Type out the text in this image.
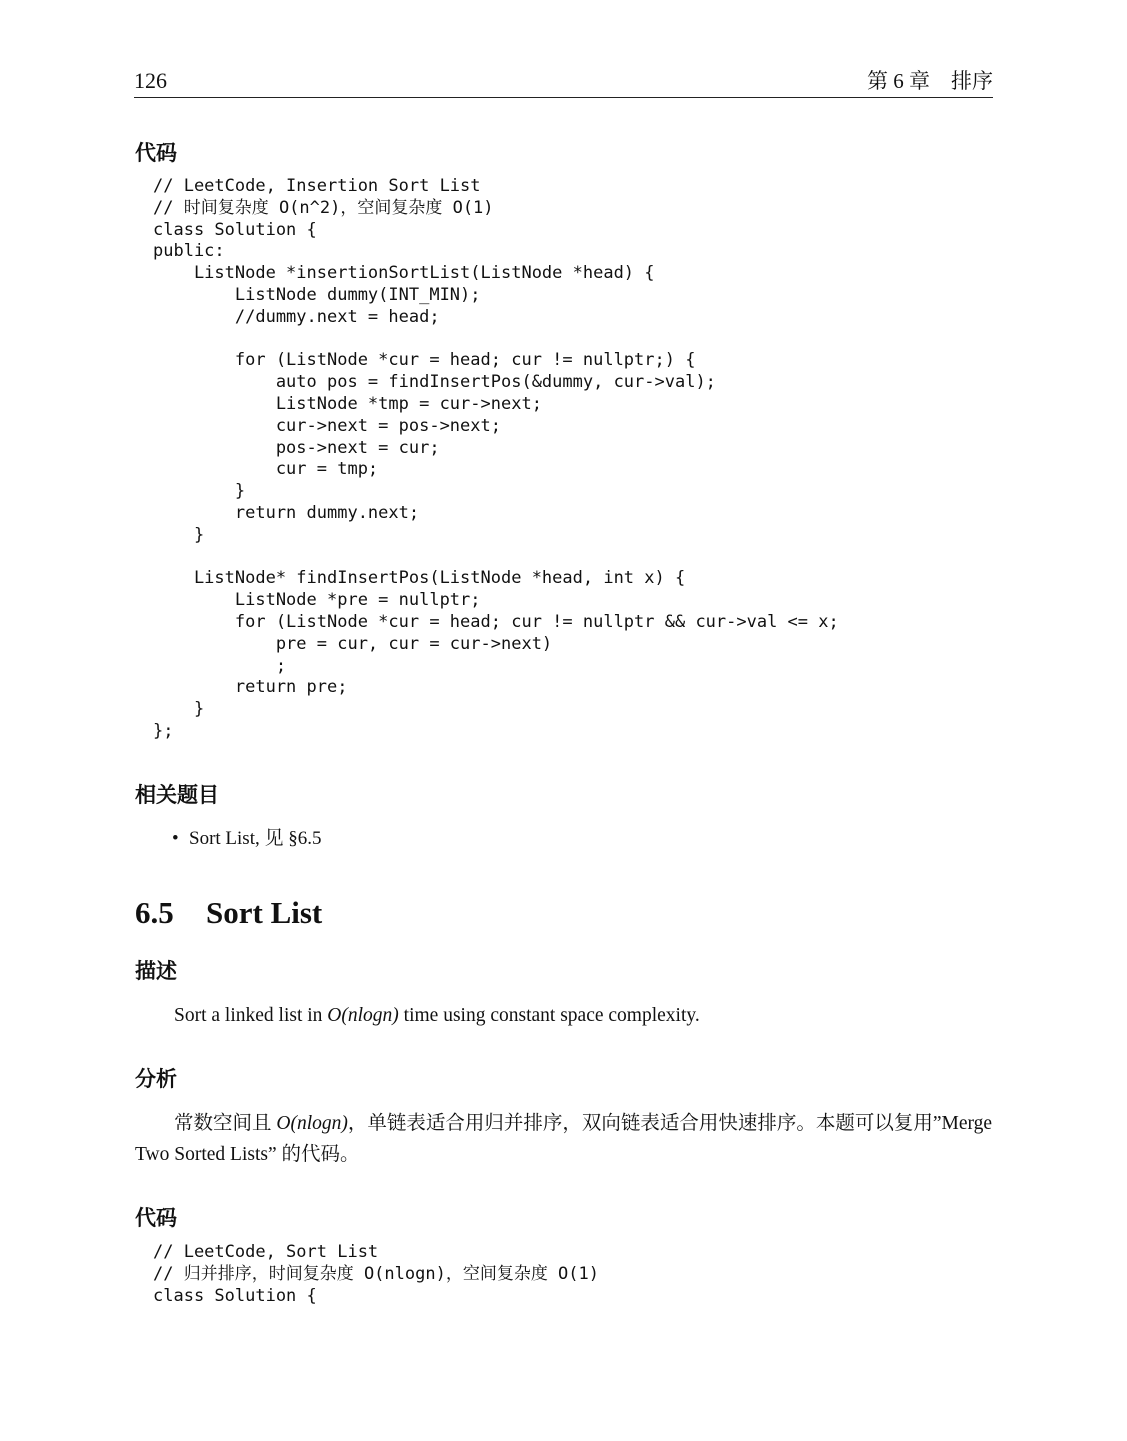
126	第 6 章　排序
代码
// LeetCode, Insertion Sort List
// 时间复杂度 O(n^2)，空间复杂度 O(1)
class Solution {
public:
ListNode *insertionSortList(ListNode *head) {
ListNode dummy(INT_MIN);
//dummy.next = head;
for (ListNode *cur = head; cur != nullptr;) {
auto pos = findInsertPos(&dummy, cur->val);
ListNode *tmp = cur->next;
cur->next = pos->next;
pos->next = cur;
cur = tmp;
}
return dummy.next;
}
ListNode* findInsertPos(ListNode *head, int x) {
ListNode *pre = nullptr;
for (ListNode *cur = head; cur != nullptr && cur->val <= x;
pre = cur, cur = cur->next)
;
return pre;
}
};
相关题目
• Sort List, 见 §6.5
6.5 Sort List
描述
Sort a linked list in O(nlogn) time using constant space complexity.
分析
常数空间且 O(nlogn)，单链表适合用归并排序，双向链表适合用快速排序。本题可以复用”Merge Two Sorted Lists” 的代码。
代码
// LeetCode, Sort List
// 归并排序，时间复杂度 O(nlogn)，空间复杂度 O(1)
class Solution {
